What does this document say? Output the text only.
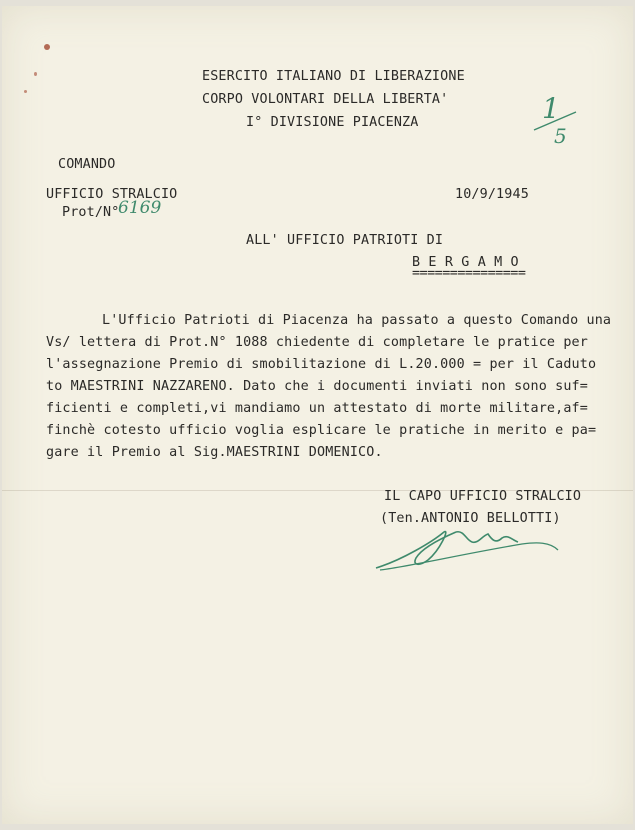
ESERCITO ITALIANO DI LIBERAZIONE
CORPO VOLONTARI DELLA LIBERTA'
I° DIVISIONE PIACENZA	1
5
COMANDO
UFFICIO STRALCIO
Prot/N°
6169
10/9/1945
ALL' UFFICIO PATRIOTI DI
B E R G A M O
===============
L'Ufficio Patrioti di Piacenza ha passato a questo Comando una
Vs/ lettera di Prot.N° 1088 chiedente di completare le pratice per
l'assegnazione Premio di smobilitazione di L.20.000 = per il Caduto
to MAESTRINI NAZZARENO. Dato che i documenti inviati non sono suf=
ficienti e completi,vi mandiamo un attestato di morte militare,af=
finchè cotesto ufficio voglia esplicare le pratiche in merito e pa=
gare il Premio al Sig.MAESTRINI DOMENICO.
IL CAPO UFFICIO STRALCIO
(Ten.ANTONIO BELLOTTI)
